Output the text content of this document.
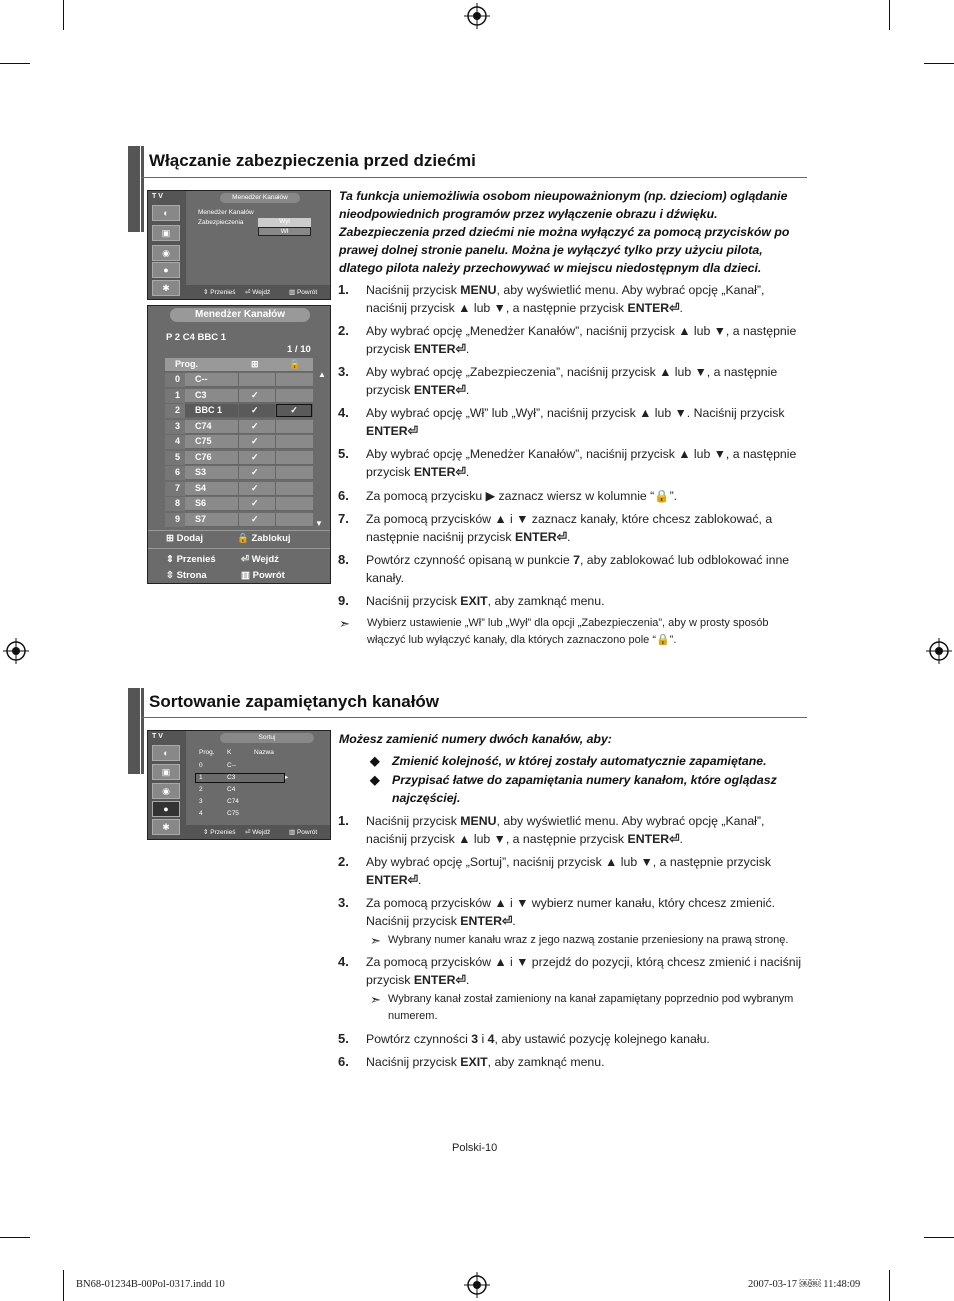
Włączanie zabezpieczenia przed dziećmi
T V
◐
▣
◉
●
✱
Menedżer Kanałów
Menedżer Kanałów
Zabezpieczenia	Wył
Wł
⇕ Przenieś ⏎ Wejdź	▥ Powrót
Menedżer Kanałów
P 2 C4 BBC 1
1 / 10
Prog.	⊞	🔒
0 C--
1 C3	✓
2 BBC 1	✓	✓
3 C74	✓
4 C75	✓
5 C76	✓
6 S3	✓
7 S4	✓
8 S6	✓
9 S7	✓
▲
▼
⊞ Dodaj	🔒 Zablokuj
⇕ Przenieś	⏎ Wejdź
⇳ Strona	▥ Powrót
Ta funkcja uniemożliwia osobom nieupoważnionym (np. dzieciom) oglądanie nieodpowiednich programów przez wyłączenie obrazu i dźwięku. Zabezpieczenia przed dziećmi nie można wyłączyć za pomocą przycisków po prawej dolnej stronie panelu. Można je wyłączyć tylko przy użyciu pilota, dlatego pilota należy przechowywać w miejscu niedostępnym dla dzieci.
1. Naciśnij przycisk MENU, aby wyświetlić menu. Aby wybrać opcję „Kanał”, naciśnij przycisk ▲ lub ▼, a następnie przycisk ENTER⏎.
2. Aby wybrać opcję „Menedżer Kanałów”, naciśnij przycisk ▲ lub ▼, a następnie przycisk ENTER⏎.
3. Aby wybrać opcję „Zabezpieczenia”, naciśnij przycisk ▲ lub ▼, a następnie przycisk ENTER⏎.
4. Aby wybrać opcję „Wł” lub „Wył”, naciśnij przycisk ▲ lub ▼. Naciśnij przycisk ENTER⏎
5. Aby wybrać opcję „Menedżer Kanałów”, naciśnij przycisk ▲ lub ▼, a następnie przycisk ENTER⏎.
6. Za pomocą przycisku ▶ zaznacz wiersz w kolumnie “🔒”.
7. Za pomocą przycisków ▲ i ▼ zaznacz kanały, które chcesz zablokować, a następnie naciśnij przycisk ENTER⏎.
8. Powtórz czynność opisaną w punkcie 7, aby zablokować lub odblokować inne kanały.
9. Naciśnij przycisk EXIT, aby zamknąć menu.
➣ Wybierz ustawienie „Wł” lub „Wył” dla opcji „Zabezpieczenia”, aby w prosty sposób włączyć lub wyłączyć kanały, dla których zaznaczono pole “🔒”.
Sortowanie zapamiętanych kanałów
T V
◐
▣
◉
●
✱
Sortuj
Prog. K	Nazwa
0	C--
1	C3
2	C4
3	C74
4	C75
▸
⇕ Przenieś ⏎ Wejdź	▥ Powrót
Możesz zamienić numery dwóch kanałów, aby:
◆ Zmienić kolejność, w której zostały automatycznie zapamiętane.
◆ Przypisać łatwe do zapamiętania numery kanałom, które oglądasz najczęściej.
1. Naciśnij przycisk MENU, aby wyświetlić menu. Aby wybrać opcję „Kanał”, naciśnij przycisk ▲ lub ▼, a następnie przycisk ENTER⏎.
2. Aby wybrać opcję „Sortuj”, naciśnij przycisk ▲ lub ▼, a następnie przycisk ENTER⏎.
3. Za pomocą przycisków ▲ i ▼ wybierz numer kanału, który chcesz zmienić. Naciśnij przycisk ENTER⏎.
4. Za pomocą przycisków ▲ i ▼ przejdź do pozycji, którą chcesz zmienić i naciśnij przycisk ENTER⏎.
5. Powtórz czynności 3 i 4, aby ustawić pozycję kolejnego kanału.
6. Naciśnij przycisk EXIT, aby zamknąć menu.
➣ Wybrany numer kanału wraz z jego nazwą zostanie przeniesiony na prawą stronę.
➣ Wybrany kanał został zamieniony na kanał zapamiętany poprzednio pod wybranym numerem.
Polski-10
BN68-01234B-00Pol-0317.indd 10	2007-03-17 ￼￼ 11:48:09
